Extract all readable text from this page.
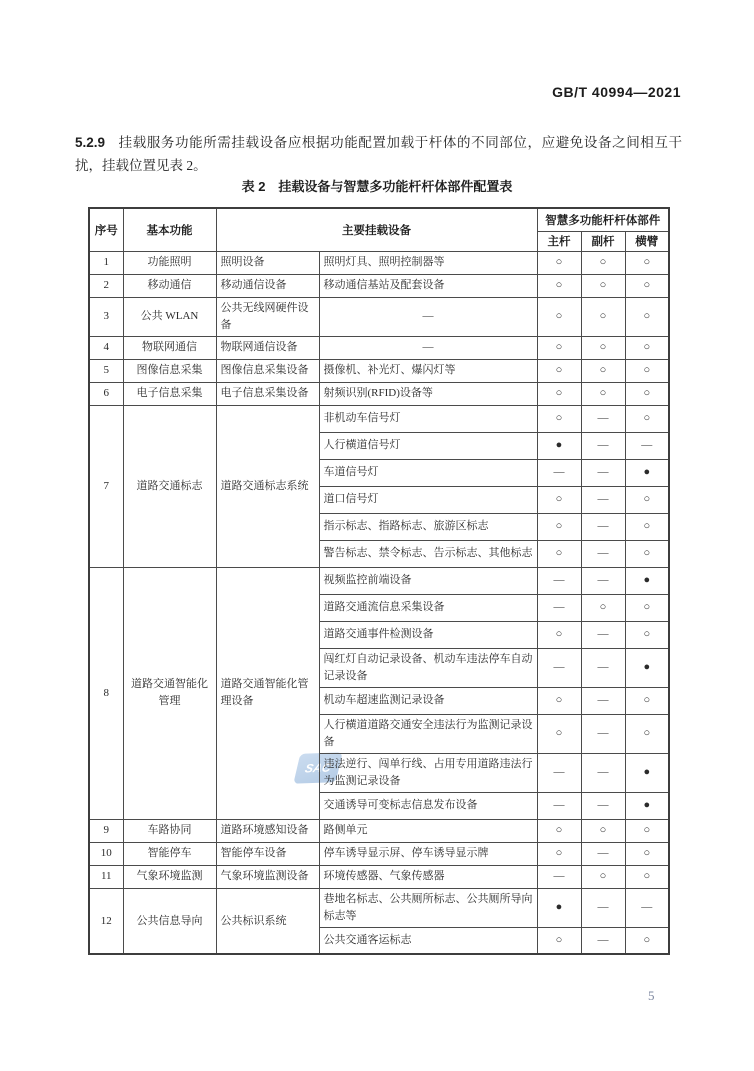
GB/T 40994—2021

5.2.9 挂载服务功能所需挂载设备应根据功能配置加载于杆体的不同部位，应避免设备之间相互干扰，挂载位置见表 2。

表 2　挂载设备与智慧多功能杆杆体部件配置表
SAC
序号	基本功能	主要挂载设备		智慧多功能杆杆体部件		
				主杆	副杆	横臂
1	功能照明	照明设备	照明灯具、照明控制器等	○	○	○
2	移动通信	移动通信设备	移动通信基站及配套设备	○	○	○
3	公共 WLAN	公共无线网硬件设备	—	○	○	○
4	物联网通信	物联网通信设备	—	○	○	○
5	图像信息采集	图像信息采集设备	摄像机、补光灯、爆闪灯等	○	○	○
6	电子信息采集	电子信息采集设备	射频识别(RFID)设备等	○	○	○
7	道路交通标志	道路交通标志系统	非机动车信号灯	○	—	○
			人行横道信号灯	●	—	—
			车道信号灯	—	—	●
			道口信号灯	○	—	○
			指示标志、指路标志、旅游区标志	○	—	○
			警告标志、禁令标志、告示标志、其他标志	○	—	○
8	道路交通智能化管理	道路交通智能化管理设备	视频监控前端设备	—	—	●
			道路交通流信息采集设备	—	○	○
			道路交通事件检测设备	○	—	○
			闯红灯自动记录设备、机动车违法停车自动记录设备	—	—	●
			机动车超速监测记录设备	○	—	○
			人行横道道路交通安全违法行为监测记录设备	○	—	○
			违法逆行、闯单行线、占用专用道路违法行为监测记录设备	—	—	●
			交通诱导可变标志信息发布设备	—	—	●
9	车路协同	道路环境感知设备	路侧单元	○	○	○
10	智能停车	智能停车设备	停车诱导显示屏、停车诱导显示牌	○	—	○
11	气象环境监测	气象环境监测设备	环境传感器、气象传感器	—	○	○
12	公共信息导向	公共标识系统	巷地名标志、公共厕所标志、公共厕所导向标志等	●	—	—
			公共交通客运标志	○	—	○
5
